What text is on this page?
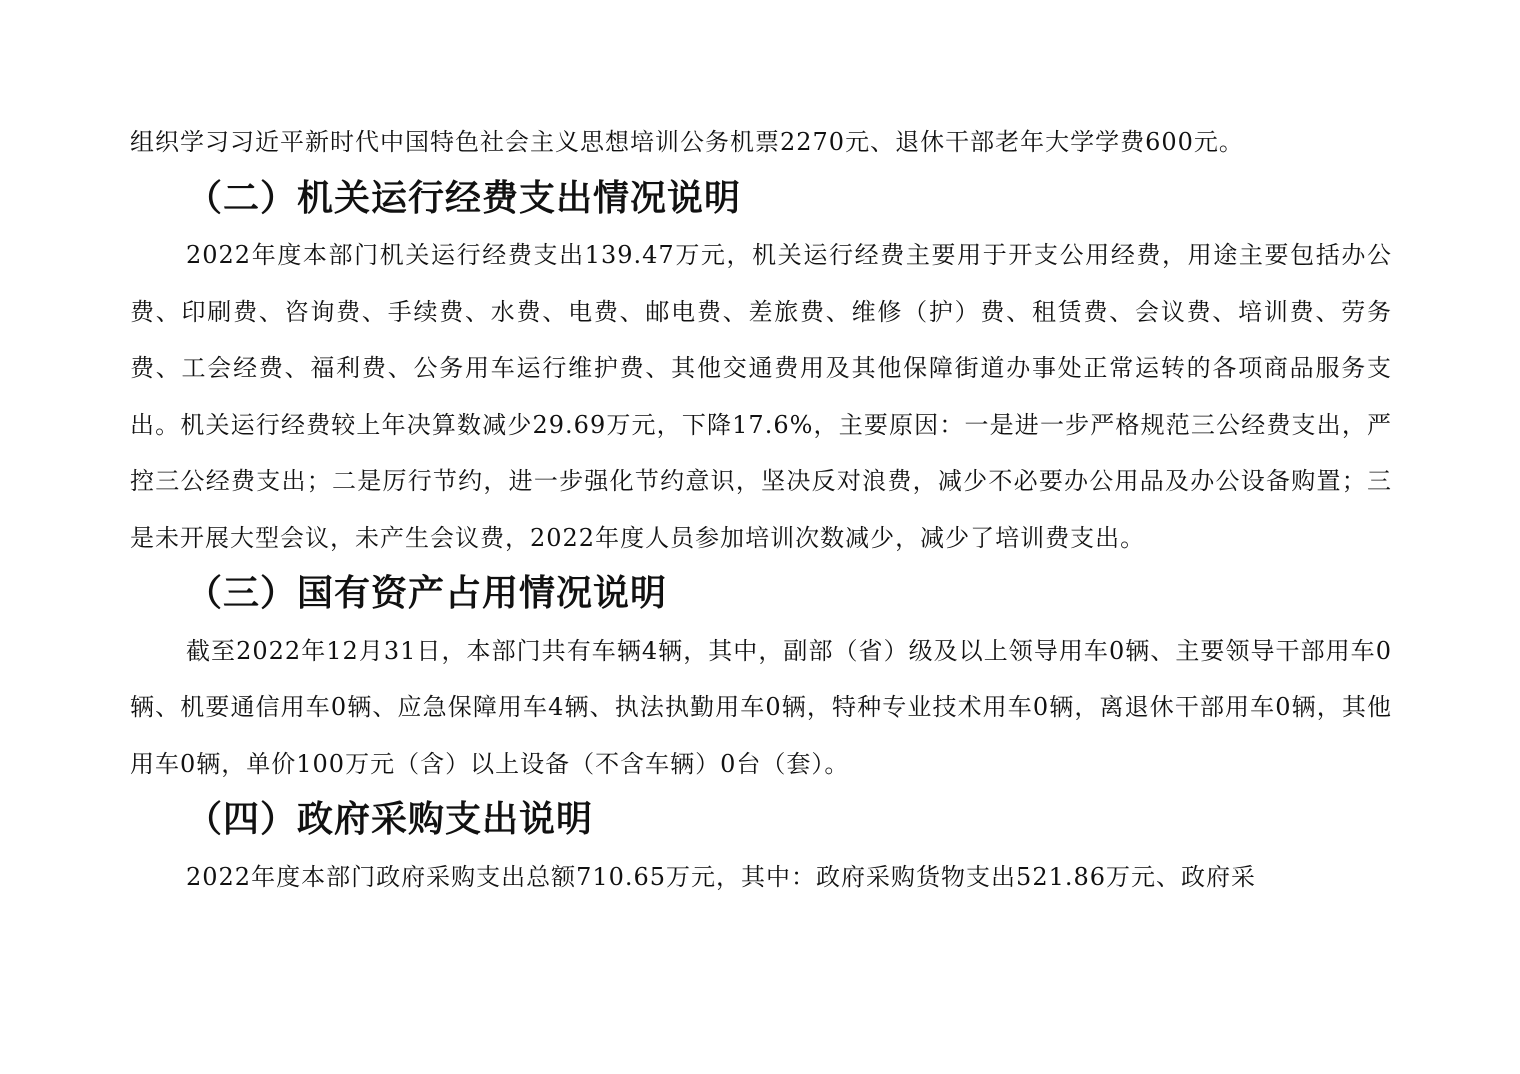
组织学习习近平新时代中国特色社会主义思想培训公务机票2270元、退休干部老年大学学费600元。

（二）机关运行经费支出情况说明

2022年度本部门机关运行经费支出139.47万元，机关运行经费主要用于开支公用经费，用途主要包括办公费、印刷费、咨询费、手续费、水费、电费、邮电费、差旅费、维修（护）费、租赁费、会议费、培训费、劳务费、工会经费、福利费、公务用车运行维护费、其他交通费用及其他保障街道办事处正常运转的各项商品服务支出。机关运行经费较上年决算数减少29.69万元，下降17.6%，主要原因：一是进一步严格规范三公经费支出，严控三公经费支出；二是厉行节约，进一步强化节约意识，坚决反对浪费，减少不必要办公用品及办公设备购置；三是未开展大型会议，未产生会议费，2022年度人员参加培训次数减少，减少了培训费支出。

（三）国有资产占用情况说明

截至2022年12月31日，本部门共有车辆4辆，其中，副部（省）级及以上领导用车0辆、主要领导干部用车0辆、机要通信用车0辆、应急保障用车4辆、执法执勤用车0辆，特种专业技术用车0辆，离退休干部用车0辆，其他用车0辆，单价100万元（含）以上设备（不含车辆）0台（套）。

（四）政府采购支出说明

2022年度本部门政府采购支出总额710.65万元，其中：政府采购货物支出521.86万元、政府采
